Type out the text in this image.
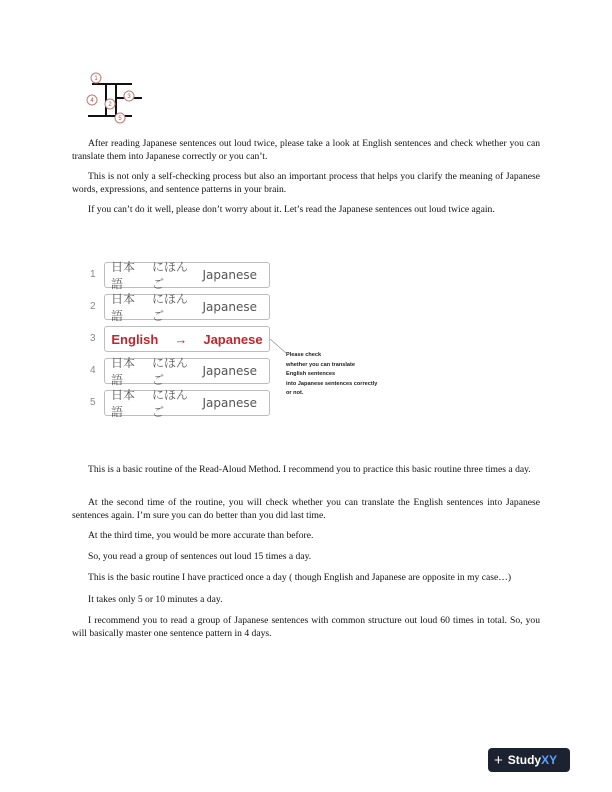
1
2
3
4
5

After reading Japanese sentences out loud twice, please take a look at English sentences and check whether you can translate them into Japanese correctly or you can’t.

This is not only a self-checking process but also an important process that helps you clarify the meaning of Japanese words, expressions, and sentence patterns in your brain.

If you can’t do it well, please don’t worry about it. Let’s read the Japanese sentences out loud twice again.

1
日本語
にほんご
Japanese
2
日本語
にほんご
Japanese
3 English → Japanese
4
日本語
にほんご
Japanese
5
日本語
にほんご
Japanese
Please check
whether you can translate
English sentences
into Japanese sentences correctly
or not.

This is a basic routine of the Read-Aloud Method. I recommend you to practice this basic routine three times a day.

At the second time of the routine, you will check whether you can translate the English sentences into Japanese sentences again. I’m sure you can do better than you did last time.

At the third time, you would be more accurate than before.

So, you read a group of sentences out loud 15 times a day.

This is the basic routine I have practiced once a day ( though English and Japanese are opposite in my case…)

It takes only 5 or 10 minutes a day.

I recommend you to read a group of Japanese sentences with common structure out loud 60 times in total. So, you will basically master one sentence pattern in 4 days.

+ Study XY
